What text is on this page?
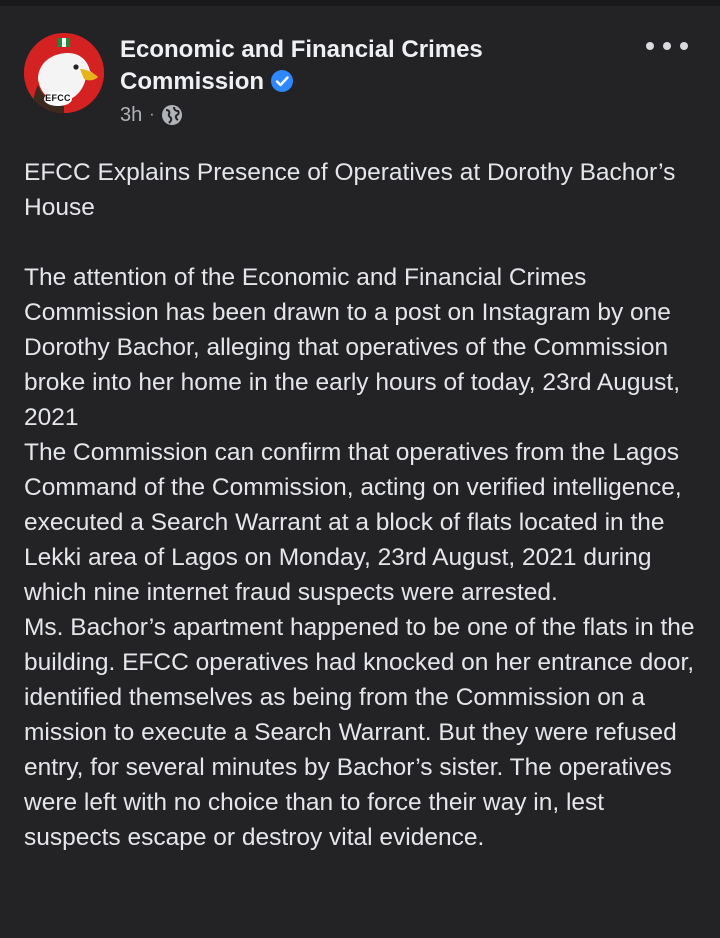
EFCC
Economic and Financial Crimes Commission
3h ·

EFCC Explains Presence of Operatives at Dorothy Bachor’s House

The attention of the Economic and Financial Crimes Commission has been drawn to a post on Instagram by one Dorothy Bachor, alleging that operatives of the Commission broke into her home in the early hours of today, 23rd August, 2021

The Commission can confirm that operatives from the Lagos Command of the Commission, acting on verified intelligence, executed a Search Warrant at a block of flats located in the Lekki area of Lagos on Monday, 23rd August, 2021 during which nine internet fraud suspects were arrested.

Ms. Bachor’s apartment happened to be one of the flats in the building. EFCC operatives had knocked on her entrance door, identified themselves as being from the Commission on a mission to execute a Search Warrant. But they were refused entry, for several minutes by Bachor’s sister. The operatives were left with no choice than to force their way in, lest suspects escape or destroy vital evidence.
